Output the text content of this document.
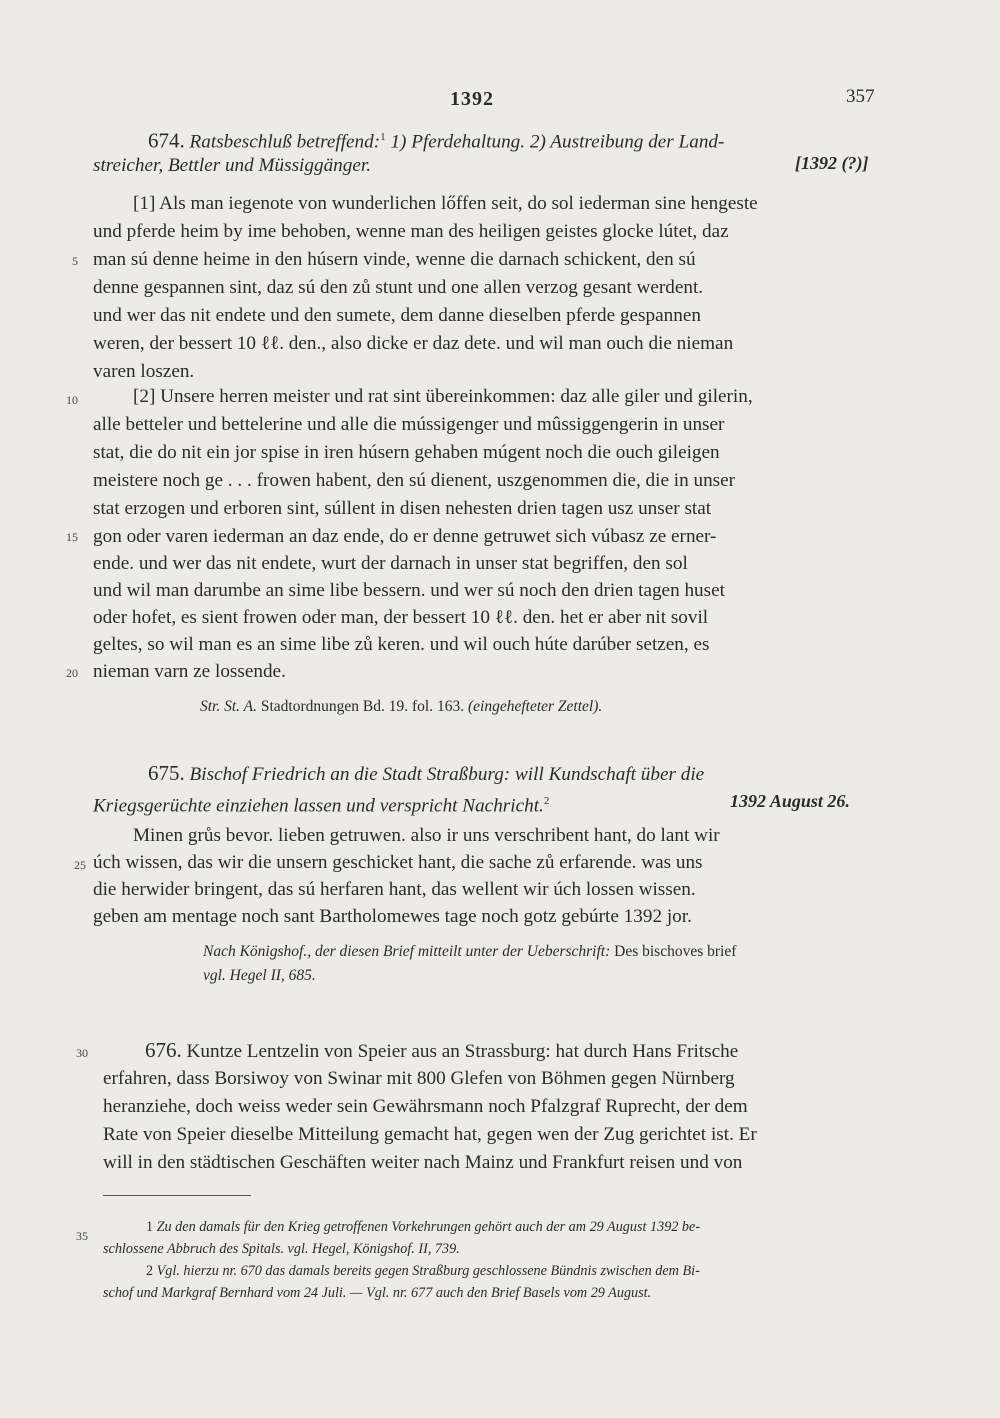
1392	357
674. Ratsbeschluß betreffend:$^1$ 1) Pferdehaltung. 2) Austreibung der Land-
streicher, Bettler und Müssiggänger.	[1392 (?)]
[1] Als man iegenote von wunderlichen lőffen seit, do sol iederman sine hengeste
und pferde heim by ime behoben, wenne man des heiligen geistes glocke lútet, daz
man sú denne heime in den húsern vinde, wenne die darnach schickent, den sú
denne gespannen sint, daz sú den zů stunt und one allen verzog gesant werdent.
und wer das nit endete und den sumete, dem danne dieselben pferde gespannen
weren, der bessert 10 ℓℓ. den., also dicke er daz dete. und wil man ouch die nieman
varen loszen.
[2] Unsere herren meister und rat sint übereinkommen: daz alle giler und gilerin,
alle betteler und bettelerine und alle die mússigenger und mûssiggengerin in unser
stat, die do nit ein jor spise in iren húsern gehaben múgent noch die ouch gileigen
meistere noch ge . . . frowen habent, den sú dienent, uszgenommen die, die in unser
stat erzogen und erboren sint, súllent in disen nehesten drien tagen usz unser stat
gon oder varen iederman an daz ende, do er denne getruwet sich vúbasz ze erner-
ende. und wer das nit endete, wurt der darnach in unser stat begriffen, den sol
und wil man darumbe an sime libe bessern. und wer sú noch den drien tagen huset
oder hofet, es sient frowen oder man, der bessert 10 ℓℓ. den. het er aber nit sovil
geltes, so wil man es an sime libe zů keren. und wil ouch húte darúber setzen, es
nieman varn ze lossende.
Str. St. A. Stadtordnungen Bd. 19. fol. 163. (eingehefteter Zettel).
675. Bischof Friedrich an die Stadt Straßburg: will Kundschaft über die
Kriegsgerüchte einziehen lassen und verspricht Nachricht.$^2$	1392 August 26.
Minen grůs bevor. lieben getruwen. also ir uns verschribent hant, do lant wir
úch wissen, das wir die unsern geschicket hant, die sache zů erfarende. was uns
die herwider bringent, das sú herfaren hant, das wellent wir úch lossen wissen.
geben am mentage noch sant Bartholomewes tage noch gotz gebúrte 1392 jor.
Nach Königshof., der diesen Brief mitteilt unter der Ueberschrift: Des bischoves brief
vgl. Hegel II, 685.
676. Kuntze Lentzelin von Speier aus an Strassburg: hat durch Hans Fritsche
erfahren, dass Borsiwoy von Swinar mit 800 Glefen von Böhmen gegen Nürnberg
heranziehe, doch weiss weder sein Gewährsmann noch Pfalzgraf Ruprecht, der dem
Rate von Speier dieselbe Mitteilung gemacht hat, gegen wen der Zug gerichtet ist. Er
will in den städtischen Geschäften weiter nach Mainz und Frankfurt reisen und von
5
10
15
20
25
30
35
1 Zu den damals für den Krieg getroffenen Vorkehrungen gehört auch der am 29 August 1392 be-
schlossene Abbruch des Spitals. vgl. Hegel, Königshof. II, 739.
2 Vgl. hierzu nr. 670 das damals bereits gegen Straßburg geschlossene Bündnis zwischen dem Bi-
schof und Markgraf Bernhard vom 24 Juli. — Vgl. nr. 677 auch den Brief Basels vom 29 August.
